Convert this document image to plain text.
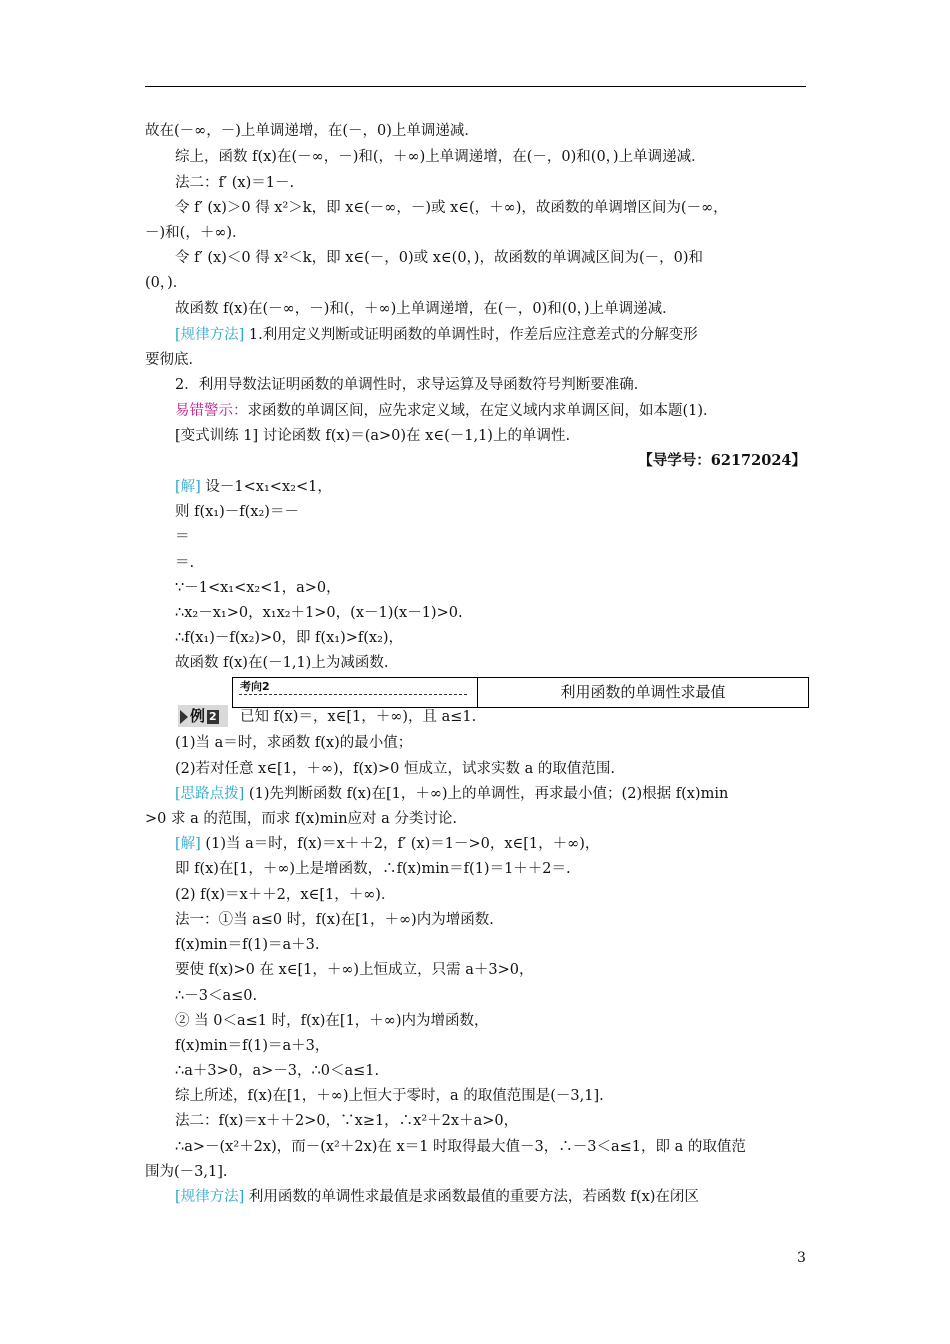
故在(－∞，－)上单调递增，在(－，0)上单调递减．
综上，函数 f(x)在(－∞，－)和(，＋∞)上单调递增，在(－，0)和(0，)上单调递减．
法二：f′ (x)＝1－.
令 f′ (x)＞0 得 x²＞k，即 x∈(－∞，－)或 x∈(，＋∞)，故函数的单调增区间为(－∞，
－)和(，＋∞)．
令 f′ (x)＜0 得 x²＜k，即 x∈(－，0)或 x∈(0，)，故函数的单调减区间为(－，0)和
(0，)．
故函数 f(x)在(－∞，－)和(，＋∞)上单调递增，在(－，0)和(0，)上单调递减．
[规律方法] 1.利用定义判断或证明函数的单调性时，作差后应注意差式的分解变形
要彻底．
2．利用导数法证明函数的单调性时，求导运算及导函数符号判断要准确．
易错警示：求函数的单调区间，应先求定义域，在定义域内求单调区间，如本题(1)．
[变式训练 1] 讨论函数 f(x)＝(a>0)在 x∈(－1,1)上的单调性.
【导学号：62172024】
[解] 设－1<x₁<x₂<1，
则 f(x₁)－f(x₂)＝－
＝
＝.
∵－1<x₁<x₂<1，a>0，
∴x₂－x₁>0，x₁x₂＋1>0，(x－1)(x－1)>0.
∴f(x₁)－f(x₂)>0，即 f(x₁)>f(x₂)，
故函数 f(x)在(－1,1)上为减函数.
考向2	利用函数的单调性求最值
例 2	已知 f(x)＝，x∈[1，＋∞)，且 a≤1.
(1)当 a＝时，求函数 f(x)的最小值；
(2)若对任意 x∈[1，＋∞)，f(x)>0 恒成立，试求实数 a 的取值范围.
[思路点拨] (1)先判断函数 f(x)在[1，＋∞)上的单调性，再求最小值；(2)根据 f(x)min
>0 求 a 的范围，而求 f(x)min应对 a 分类讨论.
[解] (1)当 a＝时，f(x)＝x＋＋2，f′ (x)＝1－>0，x∈[1，＋∞)，
即 f(x)在[1，＋∞)上是增函数，∴f(x)min＝f(1)＝1＋＋2＝.
(2) f(x)＝x＋＋2，x∈[1，＋∞)．
法一：①当 a≤0 时，f(x)在[1，＋∞)内为增函数.
f(x)min＝f(1)＝a＋3.
要使 f(x)>0 在 x∈[1，＋∞)上恒成立，只需 a＋3>0，
∴－3＜a≤0.
② 当 0＜a≤1 时，f(x)在[1，＋∞)内为增函数，
f(x)min＝f(1)＝a＋3，
∴a＋3>0，a>－3，∴0＜a≤1.
综上所述，f(x)在[1，＋∞)上恒大于零时，a 的取值范围是(－3,1].
法二：f(x)＝x＋＋2>0，∵x≥1，∴x²＋2x＋a>0，
∴a>－(x²＋2x)，而－(x²＋2x)在 x＝1 时取得最大值－3，∴－3＜a≤1，即 a 的取值范
围为(－3,1].
[规律方法] 利用函数的单调性求最值是求函数最值的重要方法，若函数 f(x)在闭区
3
